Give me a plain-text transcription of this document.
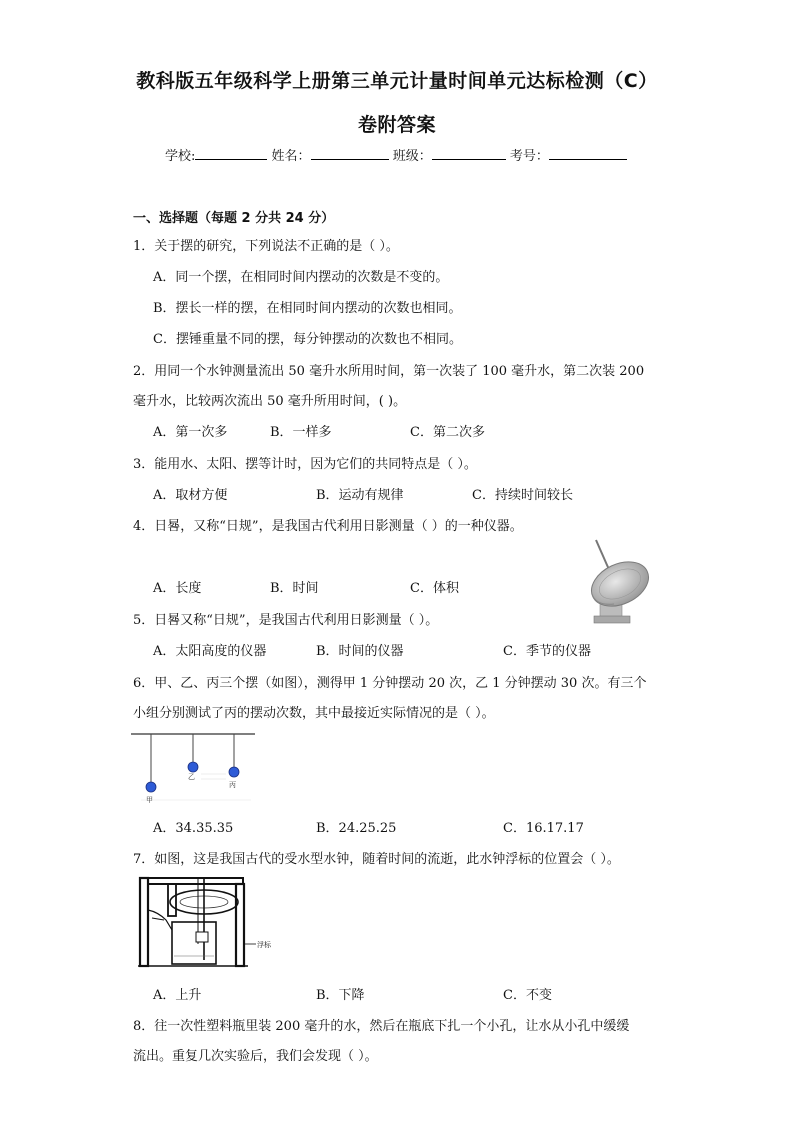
教科版五年级科学上册第三单元计量时间单元达标检测（C）
卷附答案
学校:	姓名：	班级：	考号：
一、选择题（每题 2 分共 24 分）
1．关于摆的研究，下列说法不正确的是（ ）。
A．同一个摆，在相同时间内摆动的次数是不变的。
B．摆长一样的摆，在相同时间内摆动的次数也相同。
C．摆锤重量不同的摆，每分钟摆动的次数也不相同。
2．用同一个水钟测量流出 50 毫升水所用时间，第一次装了 100 毫升水，第二次装 200
毫升水，比较两次流出 50 毫升所用时间，( )。
A．第一次多	B．一样多	C．第二次多
3．能用水、太阳、摆等计时，因为它们的共同特点是（ ）。
A．取材方便	B．运动有规律	C．持续时间较长
4．日晷，又称“日规”，是我国古代利用日影测量（ ）的一种仪器。
A．长度	B．时间	C．体积
5．日晷又称“日规”，是我国古代利用日影测量（ ）。
A．太阳高度的仪器	B．时间的仪器	C．季节的仪器
6．甲、乙、丙三个摆（如图），测得甲 1 分钟摆动 20 次，乙 1 分钟摆动 30 次。有三个
小组分别测试了丙的摆动次数，其中最接近实际情况的是（ ）。
甲
乙
丙
A．34.35.35	B．24.25.25	C．16.17.17
7．如图，这是我国古代的受水型水钟，随着时间的流逝，此水钟浮标的位置会（ ）。
浮标
A．上升	B．下降	C．不变
8．往一次性塑料瓶里装 200 毫升的水，然后在瓶底下扎一个小孔，让水从小孔中缓缓
流出。重复几次实验后，我们会发现（ ）。
